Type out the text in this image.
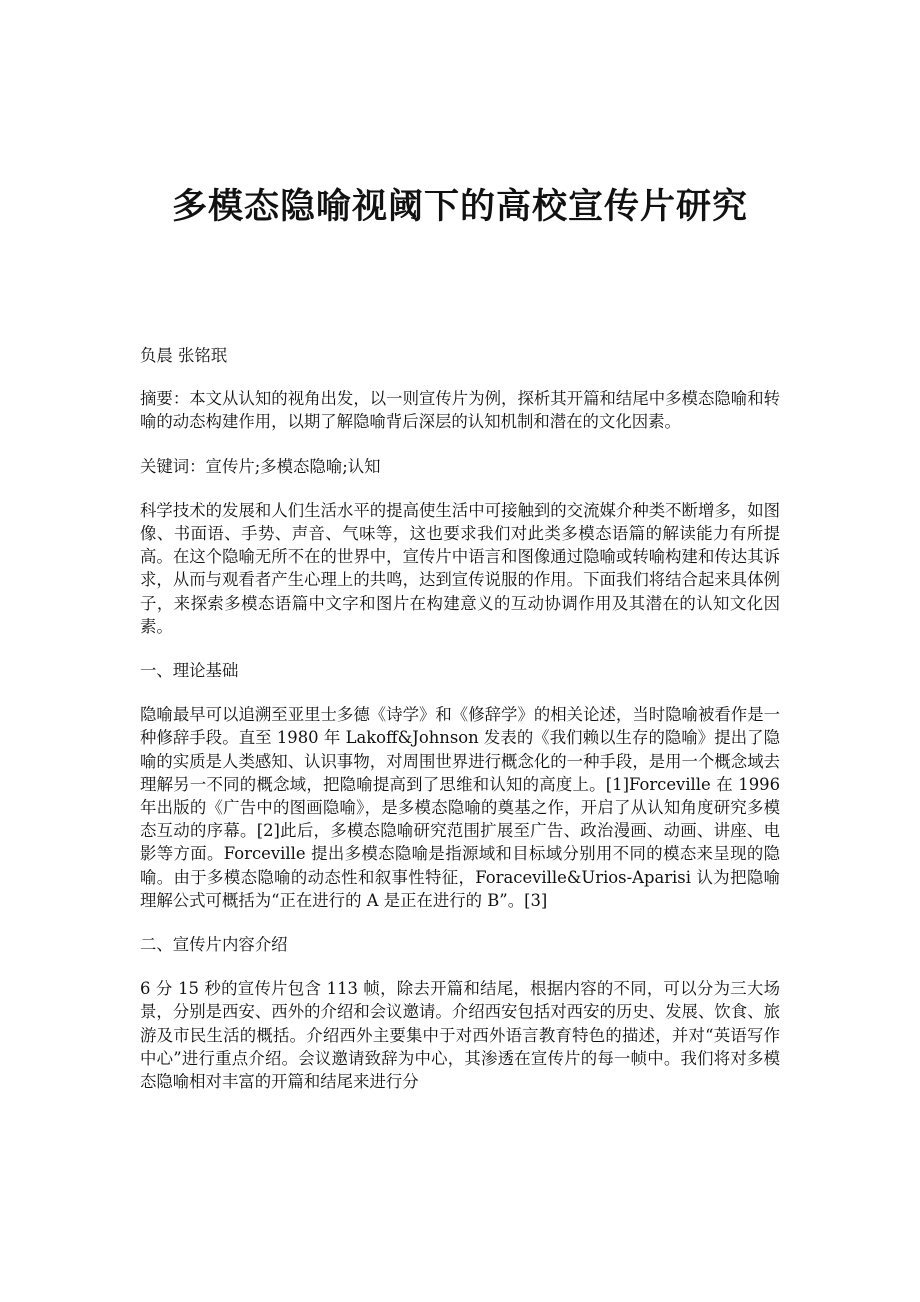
多模态隐喻视阈下的高校宣传片研究

负晨 张铭珉

摘要：本文从认知的视角出发，以一则宣传片为例，探析其开篇和结尾中多模态隐喻和转喻的动态构建作用，以期了解隐喻背后深层的认知机制和潜在的文化因素。

关键词：宣传片;多模态隐喻;认知

科学技术的发展和人们生活水平的提高使生活中可接触到的交流媒介种类不断增多，如图像、书面语、手势、声音、气味等，这也要求我们对此类多模态语篇的解读能力有所提高。在这个隐喻无所不在的世界中，宣传片中语言和图像通过隐喻或转喻构建和传达其诉求，从而与观看者产生心理上的共鸣，达到宣传说服的作用。下面我们将结合起来具体例子，来探索多模态语篇中文字和图片在构建意义的互动协调作用及其潜在的认知文化因素。

一、理论基础

隐喻最早可以追溯至亚里士多德《诗学》和《修辞学》的相关论述，当时隐喻被看作是一种修辞手段。直至 1980 年 Lakoff&Johnson 发表的《我们赖以生存的隐喻》提出了隐喻的实质是人类感知、认识事物，对周围世界进行概念化的一种手段，是用一个概念域去理解另一不同的概念域，把隐喻提高到了思维和认知的高度上。[1]Forceville 在 1996 年出版的《广告中的图画隐喻》，是多模态隐喻的奠基之作，开启了从认知角度研究多模态互动的序幕。[2]此后，多模态隐喻研究范围扩展至广告、政治漫画、动画、讲座、电影等方面。Forceville 提出多模态隐喻是指源域和目标域分别用不同的模态来呈现的隐喻。由于多模态隐喻的动态性和叙事性特征，Foraceville&Urios-Aparisi 认为把隐喻理解公式可概括为“正在进行的 A 是正在进行的 B”。[3]

二、宣传片内容介绍

6 分 15 秒的宣传片包含 113 帧，除去开篇和结尾，根据内容的不同，可以分为三大场景，分别是西安、西外的介绍和会议邀请。介绍西安包括对西安的历史、发展、饮食、旅游及市民生活的概括。介绍西外主要集中于对西外语言教育特色的描述，并对“英语写作中心”进行重点介绍。会议邀请致辞为中心，其渗透在宣传片的每一帧中。我们将对多模态隐喻相对丰富的开篇和结尾来进行分
